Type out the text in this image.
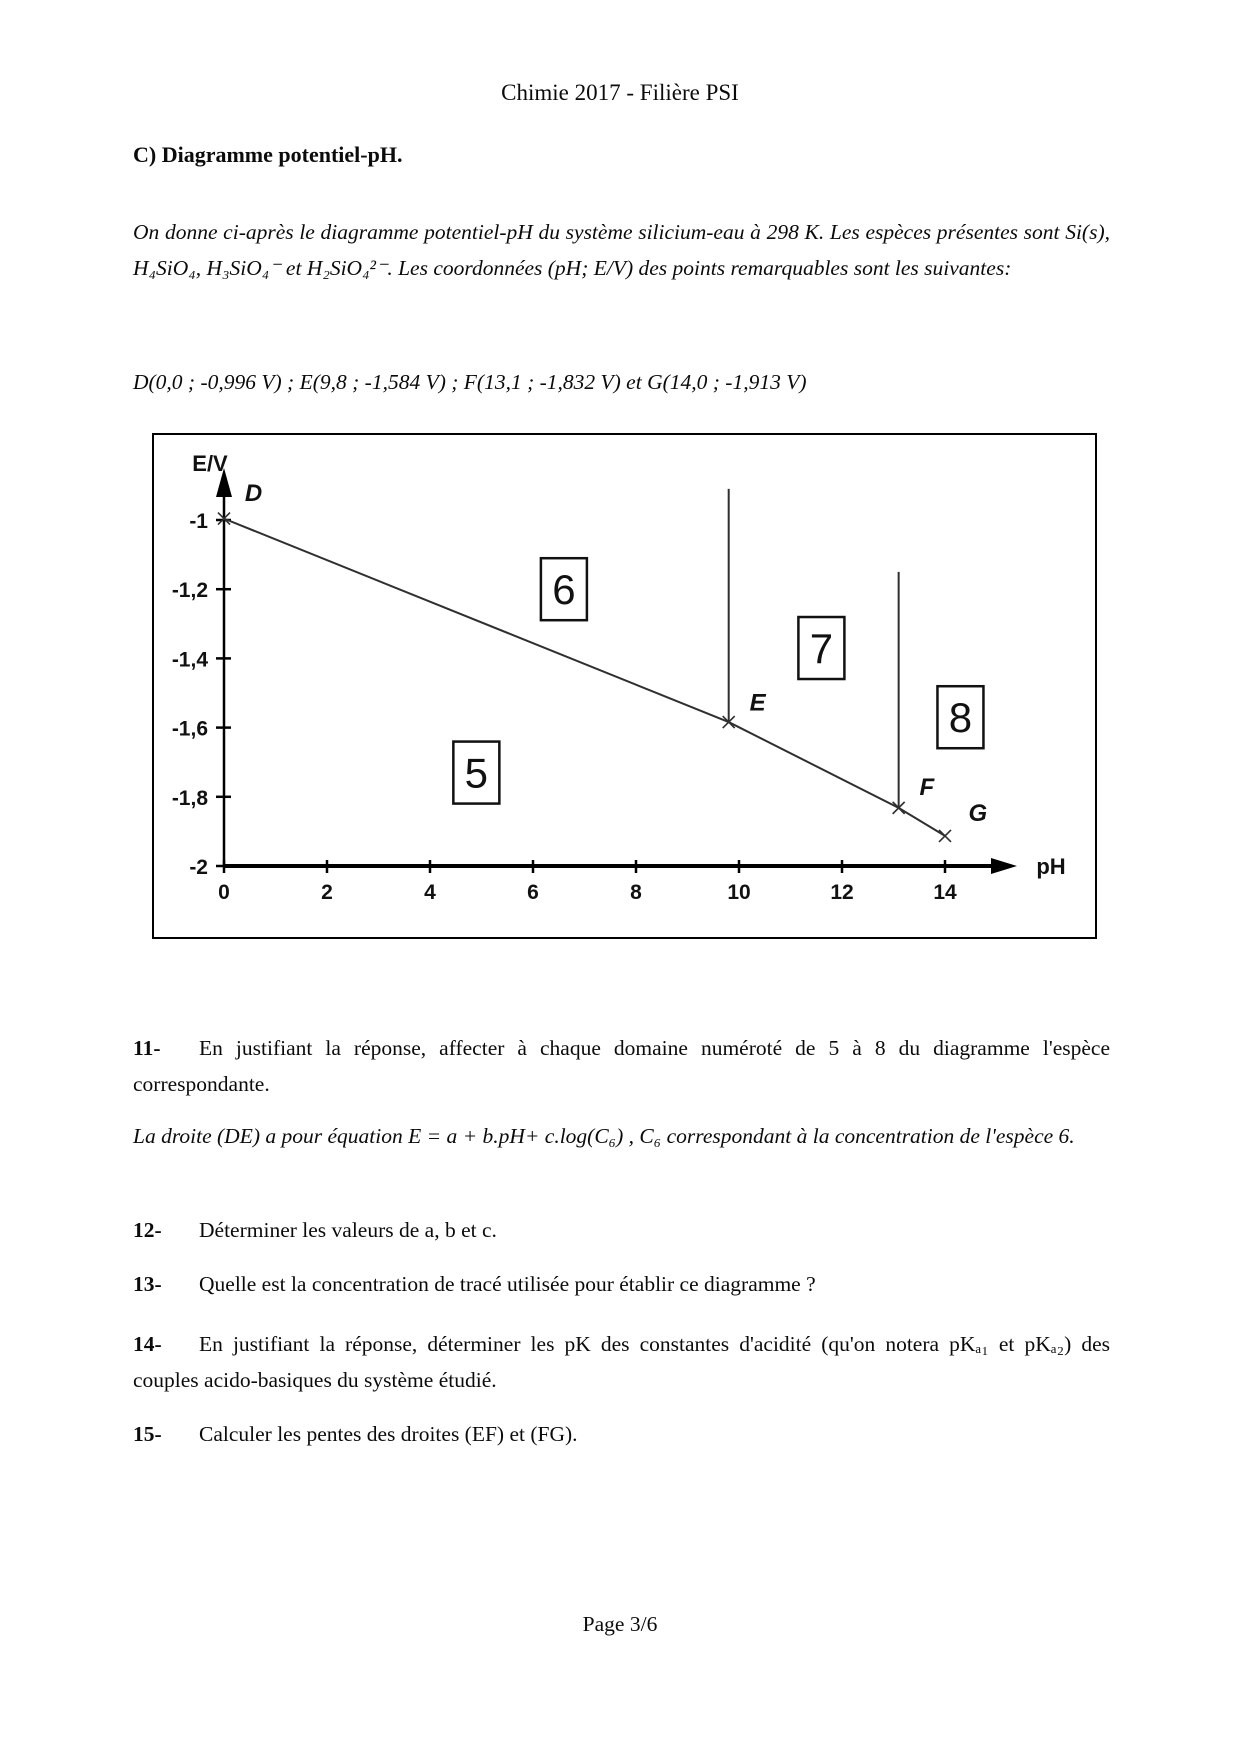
Chimie 2017 - Filière PSI
C) Diagramme potentiel-pH.

On donne ci-après le diagramme potentiel-pH du système silicium-eau à 298 K. Les espèces présentes sont Si(s), H₄SiO₄, H₃SiO₄⁻ et H₂SiO₄²⁻. Les coordonnées (pH; E/V) des points remarquables sont les suivantes:

D(0,0 ; -0,996 V) ; E(9,8 ; -1,584 V) ; F(13,1 ; -1,832 V) et G(14,0 ; -1,913 V)

0	2	4	6	8	10	12	14
-1
-1,2
-1,4
-1,6
-1,8
-2
E/V
pH
D
E
F
G
5
6
7
8

11- En justifiant la réponse, affecter à chaque domaine numéroté de 5 à 8 du diagramme l'espèce correspondante.

La droite (DE) a pour équation E = a + b.pH+ c.log(C₆) , C₆ correspondant à la concentration de l'espèce 6.

12- Déterminer les valeurs de a, b et c.

13- Quelle est la concentration de tracé utilisée pour établir ce diagramme ?

14- En justifiant la réponse, déterminer les pK des constantes d'acidité (qu'on notera pKₐ₁ et pKₐ₂) des couples acido-basiques du système étudié.

15- Calculer les pentes des droites (EF) et (FG).

Page 3/6
